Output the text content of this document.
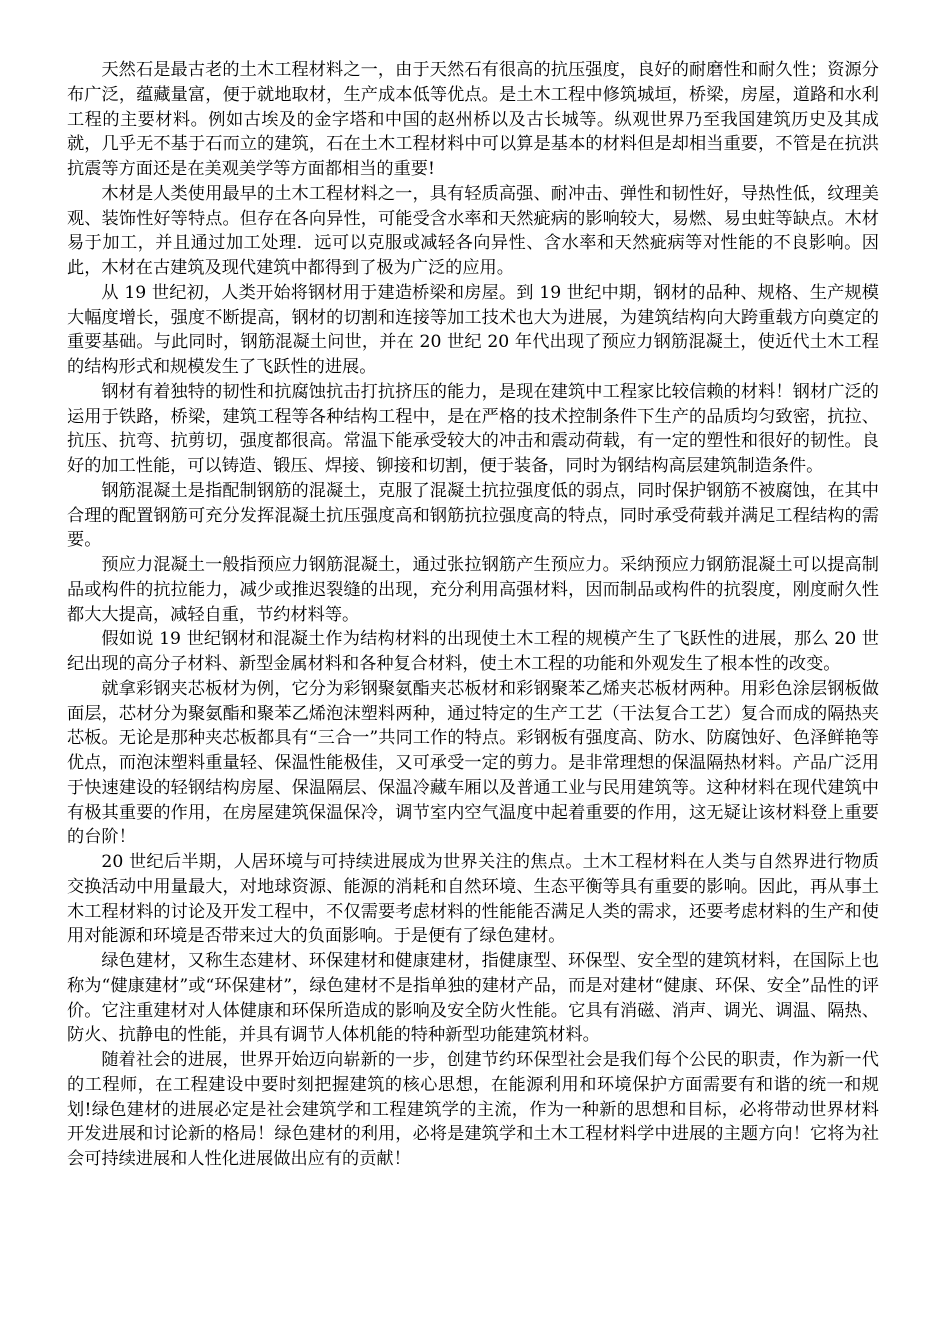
天然石是最古老的土木工程材料之一，由于天然石有很高的抗压强度，良好的耐磨性和耐久性；资源分布广泛，蕴藏量富，便于就地取材，生产成本低等优点。是土木工程中修筑城垣，桥梁，房屋，道路和水利工程的主要材料。例如古埃及的金字塔和中国的赵州桥以及古长城等。纵观世界乃至我国建筑历史及其成就，几乎无不基于石而立的建筑，石在土木工程材料中可以算是基本的材料但是却相当重要，不管是在抗洪抗震等方面还是在美观美学等方面都相当的重要!

木材是人类使用最早的土木工程材料之一，具有轻质高强、耐冲击、弹性和韧性好，导热性低，纹理美观、装饰性好等特点。但存在各向异性，可能受含水率和天然疵病的影响较大，易燃、易虫蛀等缺点。木材易于加工，并且通过加工处理．远可以克服或减轻各向异性、含水率和天然疵病等对性能的不良影响。因此，木材在古建筑及现代建筑中都得到了极为广泛的应用。

从 19 世纪初，人类开始将钢材用于建造桥梁和房屋。到 19 世纪中期，钢材的品种、规格、生产规模大幅度增长，强度不断提高，钢材的切割和连接等加工技术也大为进展，为建筑结构向大跨重载方向奠定的重要基础。与此同时，钢筋混凝土问世，并在 20 世纪 20 年代出现了预应力钢筋混凝土，使近代土木工程的结构形式和规模发生了飞跃性的进展。

钢材有着独特的韧性和抗腐蚀抗击打抗挤压的能力，是现在建筑中工程家比较信赖的材料！钢材广泛的运用于铁路，桥梁，建筑工程等各种结构工程中，是在严格的技术控制条件下生产的品质均匀致密，抗拉、抗压、抗弯、抗剪切，强度都很高。常温下能承受较大的冲击和震动荷载，有一定的塑性和很好的韧性。良好的加工性能，可以铸造、锻压、焊接、铆接和切割，便于装备，同时为钢结构高层建筑制造条件。

钢筋混凝土是指配制钢筋的混凝土，克服了混凝土抗拉强度低的弱点，同时保护钢筋不被腐蚀，在其中合理的配置钢筋可充分发挥混凝土抗压强度高和钢筋抗拉强度高的特点，同时承受荷载并满足工程结构的需要。

预应力混凝土一般指预应力钢筋混凝土，通过张拉钢筋产生预应力。采纳预应力钢筋混凝土可以提高制品或构件的抗拉能力，减少或推迟裂缝的出现，充分利用高强材料，因而制品或构件的抗裂度，刚度耐久性都大大提高，减轻自重，节约材料等。

假如说 19 世纪钢材和混凝土作为结构材料的出现使土木工程的规模产生了飞跃性的进展，那么 20 世纪出现的高分子材料、新型金属材料和各种复合材料，使土木工程的功能和外观发生了根本性的改变。

就拿彩钢夹芯板材为例，它分为彩钢聚氨酯夹芯板材和彩钢聚苯乙烯夹芯板材两种。用彩色涂层钢板做面层，芯材分为聚氨酯和聚苯乙烯泡沫塑料两种，通过特定的生产工艺（干法复合工艺）复合而成的隔热夹芯板。无论是那种夹芯板都具有“三合一”共同工作的特点。彩钢板有强度高、防水、防腐蚀好、色泽鲜艳等优点，而泡沫塑料重量轻、保温性能极佳，又可承受一定的剪力。是非常理想的保温隔热材料。产品广泛用于快速建设的轻钢结构房屋、保温隔层、保温冷藏车厢以及普通工业与民用建筑等。这种材料在现代建筑中有极其重要的作用，在房屋建筑保温保冷，调节室内空气温度中起着重要的作用，这无疑让该材料登上重要的台阶！

20 世纪后半期，人居环境与可持续进展成为世界关注的焦点。土木工程材料在人类与自然界进行物质交换活动中用量最大，对地球资源、能源的消耗和自然环境、生态平衡等具有重要的影响。因此，再从事土木工程材料的讨论及开发工程中，不仅需要考虑材料的性能能否满足人类的需求，还要考虑材料的生产和使用对能源和环境是否带来过大的负面影响。于是便有了绿色建材。

绿色建材，又称生态建材、环保建材和健康建材，指健康型、环保型、安全型的建筑材料，在国际上也称为“健康建材”或“环保建材”，绿色建材不是指单独的建材产品，而是对建材“健康、环保、安全”品性的评价。它注重建材对人体健康和环保所造成的影响及安全防火性能。它具有消磁、消声、调光、调温、隔热、防火、抗静电的性能，并具有调节人体机能的特种新型功能建筑材料。

随着社会的进展，世界开始迈向崭新的一步，创建节约环保型社会是我们每个公民的职责，作为新一代的工程师，在工程建设中要时刻把握建筑的核心思想，在能源利用和环境保护方面需要有和谐的统一和规划!绿色建材的进展必定是社会建筑学和工程建筑学的主流，作为一种新的思想和目标，必将带动世界材料开发进展和讨论新的格局！绿色建材的利用，必将是建筑学和土木工程材料学中进展的主题方向！它将为社会可持续进展和人性化进展做出应有的贡献！
